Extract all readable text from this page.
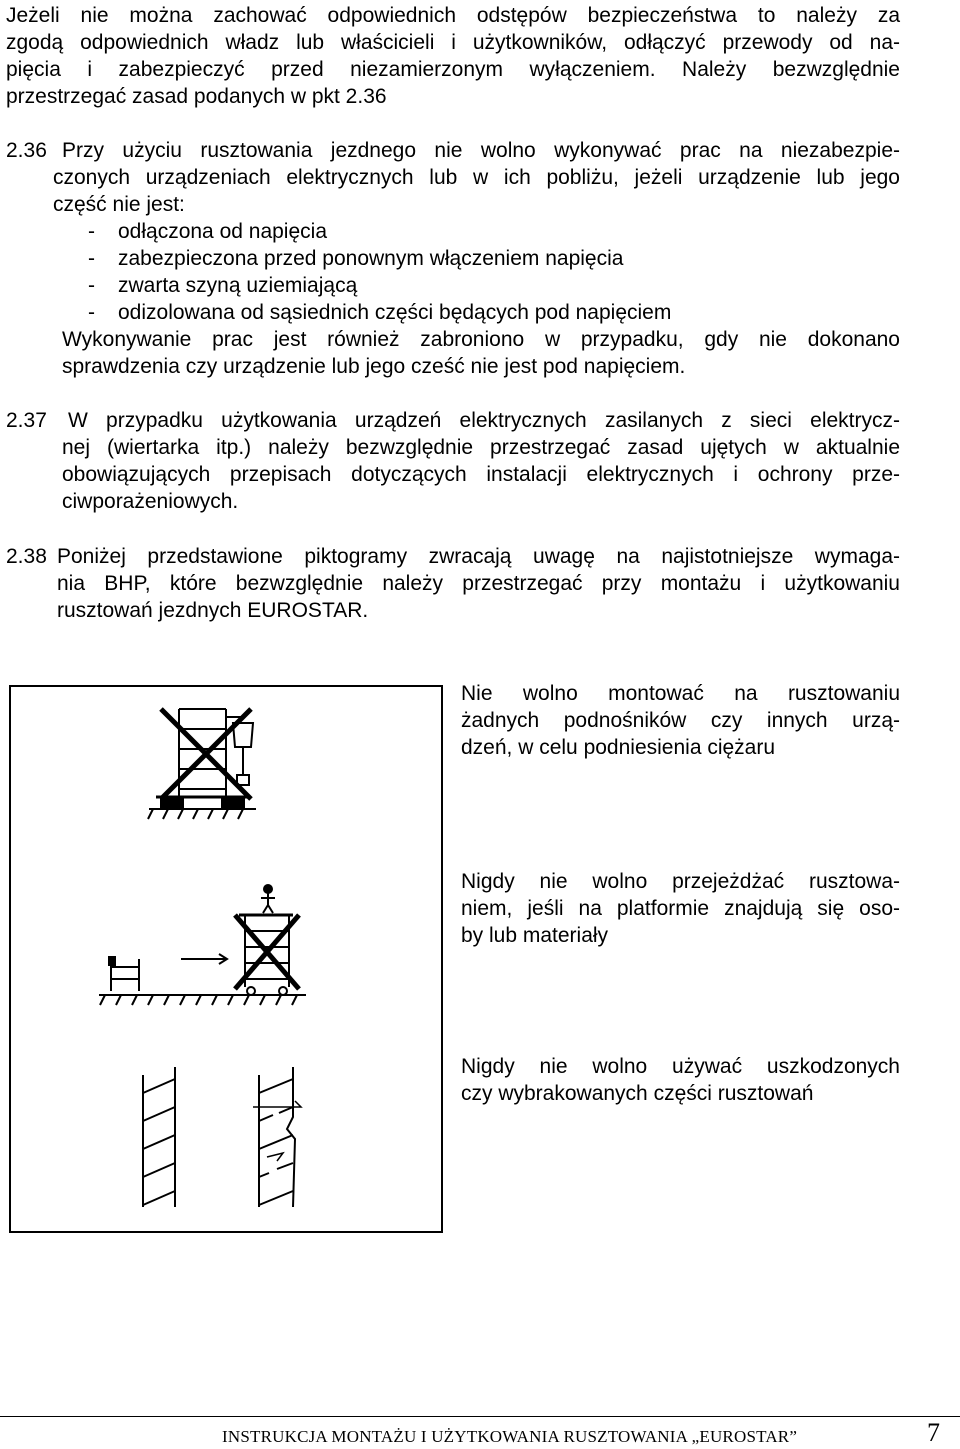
Jeżeli nie można zachować odpowiednich odstępów bezpieczeństwa to należy za

zgodą odpowiednich władz lub właścicieli i użytkowników, odłączyć przewody od na-

pięcia i zabezpieczyć przed niezamierzonym wyłączeniem. Należy bezwzględnie

przestrzegać zasad podanych w pkt 2.36

2.36 Przy użyciu rusztowania jezdnego nie wolno wykonywać prac na niezabezpie-

czonych urządzeniach elektrycznych lub w ich pobliżu, jeżeli urządzenie lub jego

część nie jest:

- odłączona od napięcia
- zabezpieczona przed ponownym włączeniem napięcia
- zwarta szyną uziemiającą
- odizolowana od sąsiednich części będących pod napięciem

Wykonywanie prac jest również zabroniono w przypadku, gdy nie dokonano

sprawdzenia czy urządzenie lub jego cześć nie jest pod napięciem.

2.37 W przypadku użytkowania urządzeń elektrycznych zasilanych z sieci elektrycz-

nej (wiertarka itp.) należy bezwzględnie przestrzegać zasad ujętych w aktualnie

obowiązujących przepisach dotyczących instalacji elektrycznych i ochrony prze-

ciwporażeniowych.

2.38 Poniżej przedstawione piktogramy zwracają uwagę na najistotniejsze wymaga-

nia BHP, które bezwzględnie należy przestrzegać przy montażu i użytkowaniu

rusztowań jezdnych EUROSTAR.

Nie wolno montować na rusztowaniu

żadnych podnośników czy innych urzą-

dzeń, w celu podniesienia ciężaru

Nigdy nie wolno przejeżdżać rusztowa-

niem, jeśli na platformie znajdują się oso-

by lub materiały

Nigdy nie wolno używać uszkodzonych

czy wybrakowanych części rusztowań

INSTRUKCJA MONTAŻU I UŻYTKOWANIA RUSZTOWANIA „EUROSTAR”	7
